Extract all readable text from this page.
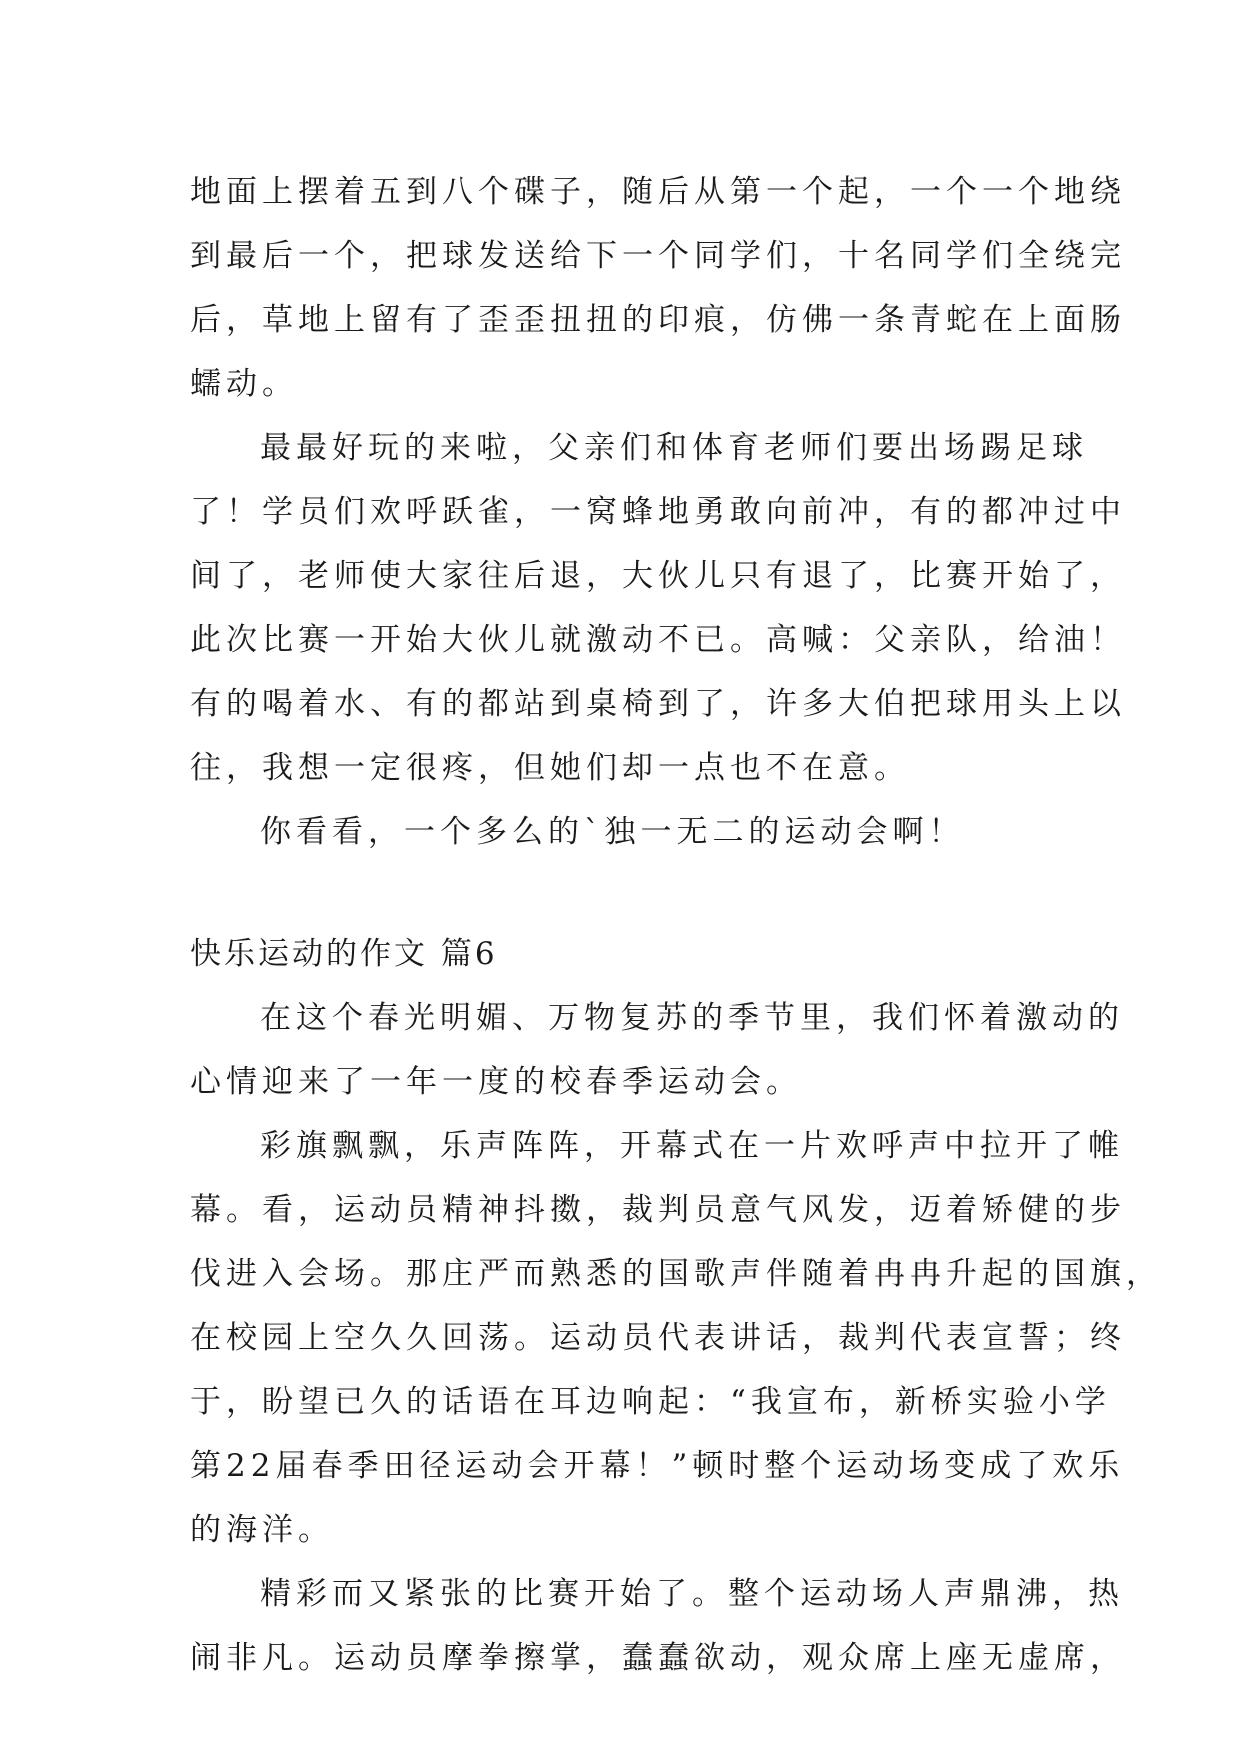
地面上摆着五到八个碟子，随后从第一个起，一个一个地绕
到最后一个，把球发送给下一个同学们，十名同学们全绕完
后，草地上留有了歪歪扭扭的印痕，仿佛一条青蛇在上面肠
蠕动。
最最好玩的来啦，父亲们和体育老师们要出场踢足球
了！学员们欢呼跃雀，一窝蜂地勇敢向前冲，有的都冲过中
间了，老师使大家往后退，大伙儿只有退了，比赛开始了，
此次比赛一开始大伙儿就激动不已。高喊：父亲队，给油！
有的喝着水、有的都站到桌椅到了，许多大伯把球用头上以
往，我想一定很疼，但她们却一点也不在意。
你看看，一个多么的`独一无二的运动会啊！
快乐运动的作文 篇6
在这个春光明媚、万物复苏的季节里，我们怀着激动的
心情迎来了一年一度的校春季运动会。
彩旗飘飘，乐声阵阵，开幕式在一片欢呼声中拉开了帷
幕。看，运动员精神抖擞，裁判员意气风发，迈着矫健的步
伐进入会场。那庄严而熟悉的国歌声伴随着冉冉升起的国旗，
在校园上空久久回荡。运动员代表讲话，裁判代表宣誓；终
于，盼望已久的话语在耳边响起：“我宣布，新桥实验小学
第22届春季田径运动会开幕！”顿时整个运动场变成了欢乐
的海洋。
精彩而又紧张的比赛开始了。整个运动场人声鼎沸，热
闹非凡。运动员摩拳擦掌，蠢蠢欲动，观众席上座无虚席，
